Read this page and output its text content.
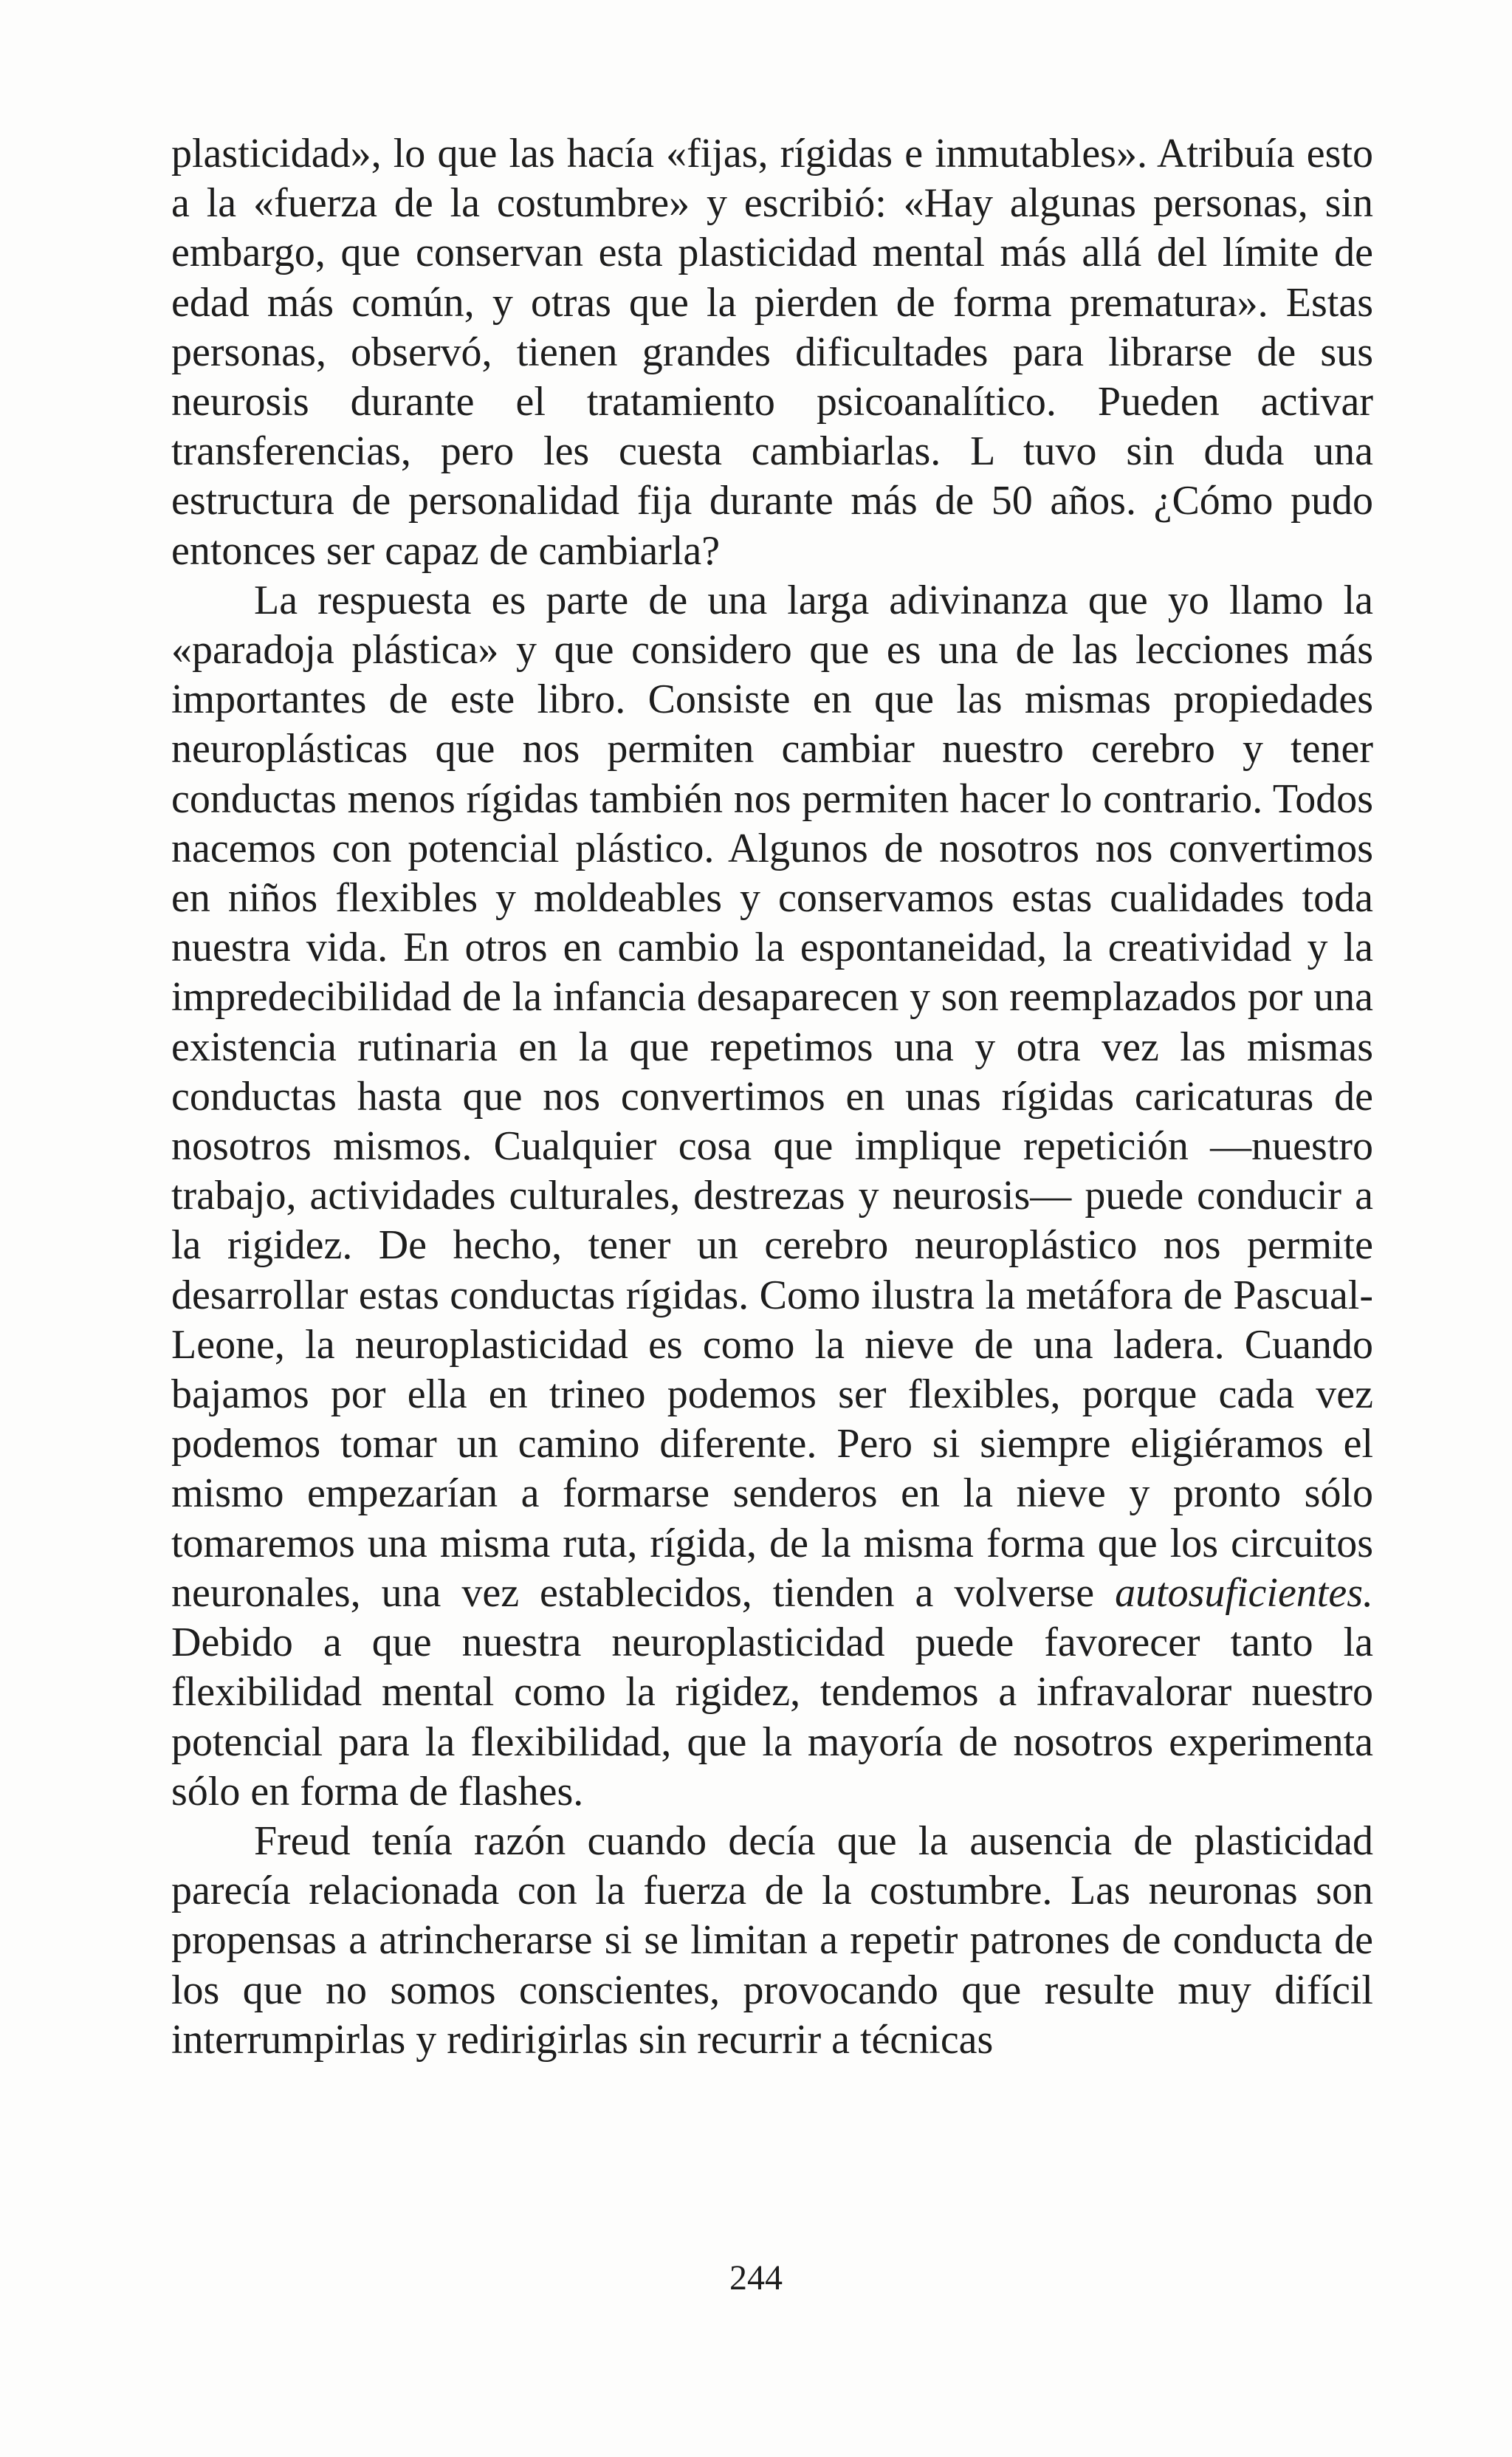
plasticidad», lo que las hacía «fijas, rígidas e inmutables». Atribuía esto a la «fuerza de la costumbre» y escribió: «Hay algunas personas, sin embargo, que conservan esta plasticidad mental más allá del límite de edad más común, y otras que la pierden de forma prematura». Estas personas, observó, tienen grandes dificultades para librarse de sus neurosis durante el tratamiento psicoanalítico. Pueden activar transferencias, pero les cuesta cambiarlas. L tuvo sin duda una estructura de personalidad fija durante más de 50 años. ¿Cómo pudo entonces ser capaz de cambiarla?

La respuesta es parte de una larga adivinanza que yo llamo la «paradoja plástica» y que considero que es una de las lecciones más importantes de este libro. Consiste en que las mismas propiedades neuroplásticas que nos permiten cambiar nuestro cerebro y tener conductas menos rígidas también nos permiten hacer lo contrario. Todos nacemos con potencial plástico. Algunos de nosotros nos convertimos en niños flexibles y moldeables y conservamos estas cualidades toda nuestra vida. En otros en cambio la espontaneidad, la creatividad y la impredecibilidad de la infancia desaparecen y son reemplazados por una existencia rutinaria en la que repetimos una y otra vez las mismas conductas hasta que nos convertimos en unas rígidas caricaturas de nosotros mismos. Cualquier cosa que implique repetición —nuestro trabajo, actividades culturales, destrezas y neurosis— puede conducir a la rigidez. De hecho, tener un cerebro neuroplástico nos permite desarrollar estas conductas rígidas. Como ilustra la metáfora de Pascual-Leone, la neuroplasticidad es como la nieve de una ladera. Cuando bajamos por ella en trineo podemos ser flexibles, porque cada vez podemos tomar un camino diferente. Pero si siempre eligiéramos el mismo empezarían a formarse senderos en la nieve y pronto sólo tomaremos una misma ruta, rígida, de la misma forma que los circuitos neuronales, una vez establecidos, tienden a volverse autosuficientes. Debido a que nuestra neuroplasticidad puede favorecer tanto la flexibilidad mental como la rigidez, tendemos a infravalorar nuestro potencial para la flexibilidad, que la mayoría de nosotros experimenta sólo en forma de flashes.

Freud tenía razón cuando decía que la ausencia de plasticidad parecía relacionada con la fuerza de la costumbre. Las neuronas son propensas a atrincherarse si se limitan a repetir patrones de conducta de los que no somos conscientes, provocando que resulte muy difícil interrumpirlas y redirigirlas sin recurrir a técnicas

244
